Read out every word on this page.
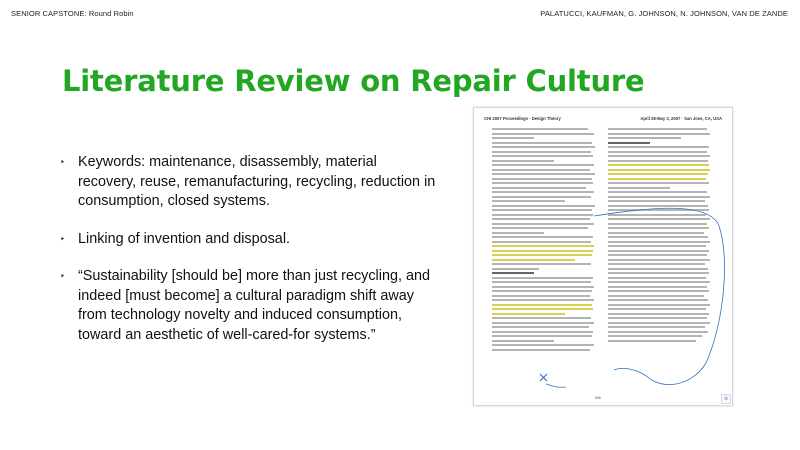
SENIOR CAPSTONE: Round Robin	PALATUCCI, KAUFMAN, G. JOHNSON, N. JOHNSON, VAN DE ZANDE
Literature Review on Repair Culture
‣ Keywords: maintenance, disassembly, material recovery, reuse, remanufacturing, recycling, reduction in consumption, closed systems.
‣ Linking of invention and disposal.
‣ “Sustainability [should be] more than just recycling, and indeed [must become] a cultural paradigm shift away from technology novelty and induced consumption, toward an aesthetic of well-cared-for systems.”
CHI 2007 Proceedings · Design Theory	April 28-May 3, 2007 · San Jose, CA, USA
506	⊕
